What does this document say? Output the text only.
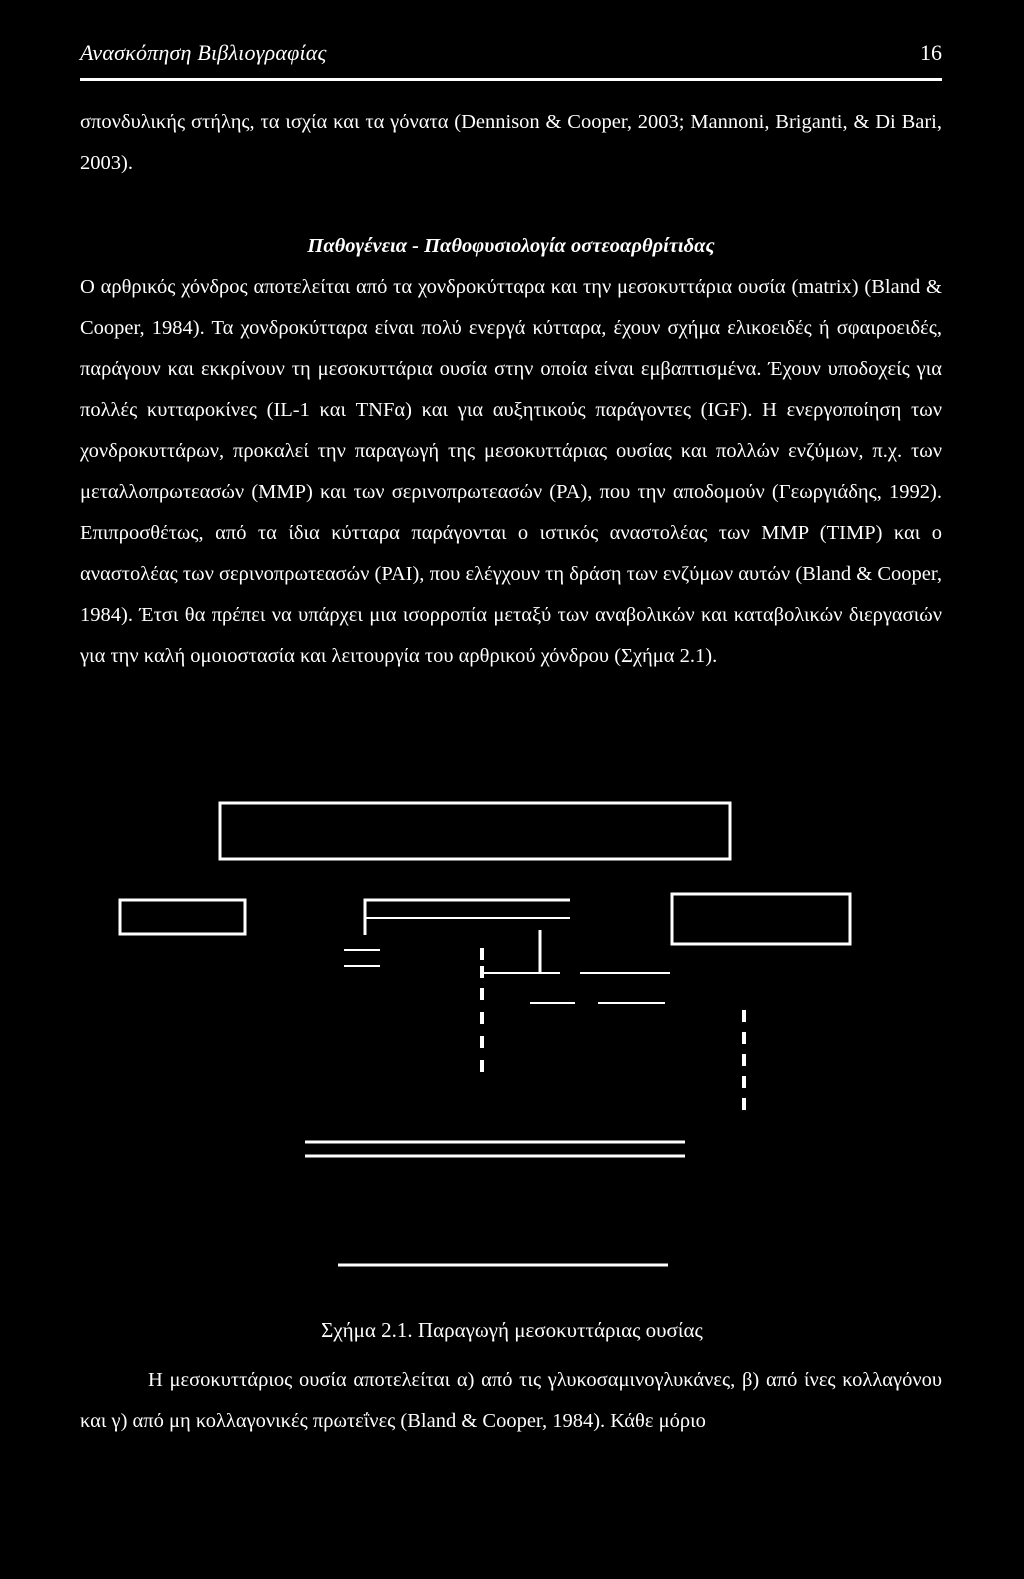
Ανασκόπηση Βιβλιογραφίας	16

σπονδυλικής στήλης, τα ισχία και τα γόνατα (Dennison & Cooper, 2003; Mannoni, Briganti, & Di Bari, 2003).

Παθογένεια - Παθοφυσιολογία οστεοαρθρίτιδας

Ο αρθρικός χόνδρος αποτελείται από τα χονδροκύτταρα και την μεσοκυττάρια ουσία (matrix) (Bland & Cooper, 1984). Τα χονδροκύτταρα είναι πολύ ενεργά κύτταρα, έχουν σχήμα ελικοειδές ή σφαιροειδές, παράγουν και εκκρίνουν τη μεσοκυττάρια ουσία στην οποία είναι εμβαπτισμένα. Έχουν υποδοχείς για πολλές κυτταροκίνες (IL-1 και TNFα) και για αυξητικούς παράγοντες (IGF). Η ενεργοποίηση των χονδροκυττάρων, προκαλεί την παραγωγή της μεσοκυττάριας ουσίας και πολλών ενζύμων, π.χ. των μεταλλοπρωτεασών (MMP) και των σερινοπρωτεασών (PA), που την αποδομούν (Γεωργιάδης, 1992). Επιπροσθέτως, από τα ίδια κύτταρα παράγονται ο ιστικός αναστολέας των MMP (TIMP) και ο αναστολέας των σερινοπρωτεασών (PAI), που ελέγχουν τη δράση των ενζύμων αυτών (Bland & Cooper, 1984). Έτσι θα πρέπει να υπάρχει μια ισορροπία μεταξύ των αναβολικών και καταβολικών διεργασιών για την καλή ομοιοστασία και λειτουργία του αρθρικού χόνδρου (Σχήμα 2.1).

Σχήμα 2.1. Παραγωγή μεσοκυττάριας ουσίας

Η μεσοκυττάριος ουσία αποτελείται α) από τις γλυκοσαμινογλυκάνες, β) από ίνες κολλαγόνου και γ) από μη κολλαγονικές πρωτεΐνες (Bland & Cooper, 1984). Κάθε μόριο
